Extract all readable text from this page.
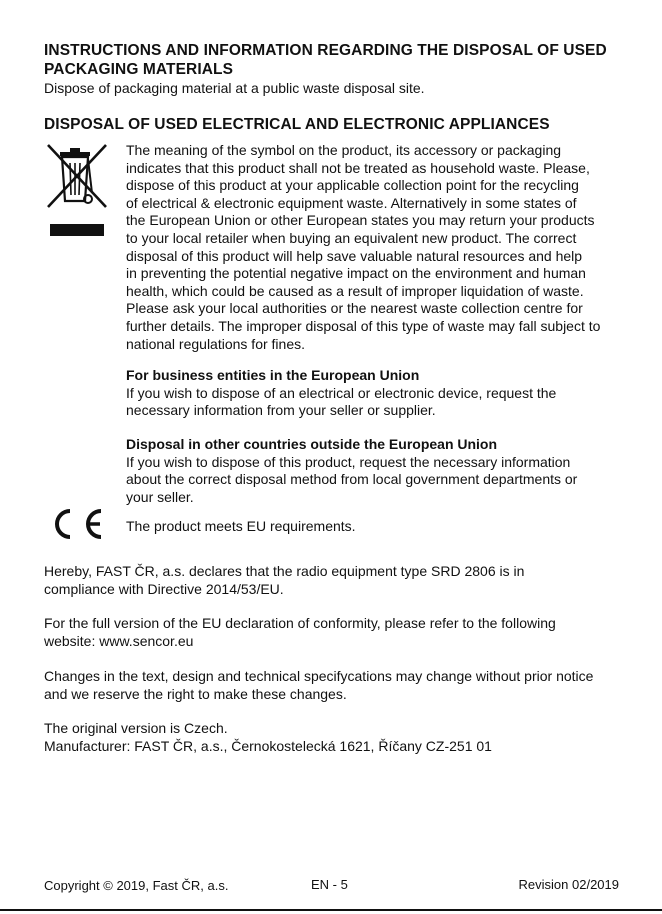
INSTRUCTIONS AND INFORMATION REGARDING THE DISPOSAL OF USED
PACKAGING MATERIALS
Dispose of packaging material at a public waste disposal site.
DISPOSAL OF USED ELECTRICAL AND ELECTRONIC APPLIANCES
The meaning of the symbol on the product, its accessory or packaging
indicates that this product shall not be treated as household waste. Please,
dispose of this product at your applicable collection point for the recycling
of electrical & electronic equipment waste. Alternatively in some states of
the European Union or other European states you may return your products
to your local retailer when buying an equivalent new product. The correct
disposal of this product will help save valuable natural resources and help
in preventing the potential negative impact on the environment and human
health, which could be caused as a result of improper liquidation of waste.
Please ask your local authorities or the nearest waste collection centre for
further details. The improper disposal of this type of waste may fall subject to
national regulations for fines.
For business entities in the European Union
If you wish to dispose of an electrical or electronic device, request the
necessary information from your seller or supplier.
Disposal in other countries outside the European Union
If you wish to dispose of this product, request the necessary information
about the correct disposal method from local government departments or
your seller.
The product meets EU requirements.
Hereby, FAST ČR, a.s. declares that the radio equipment type SRD 2806 is in
compliance with Directive 2014/53/EU.
For the full version of the EU declaration of conformity, please refer to the following
website: www.sencor.eu
Changes in the text, design and technical specifycations may change without prior notice
and we reserve the right to make these changes.
The original version is Czech.
Manufacturer: FAST ČR, a.s., Černokostelecká 1621, Říčany CZ-251 01
Copyright © 2019, Fast ČR, a.s.	EN - 5	Revision 02/2019
